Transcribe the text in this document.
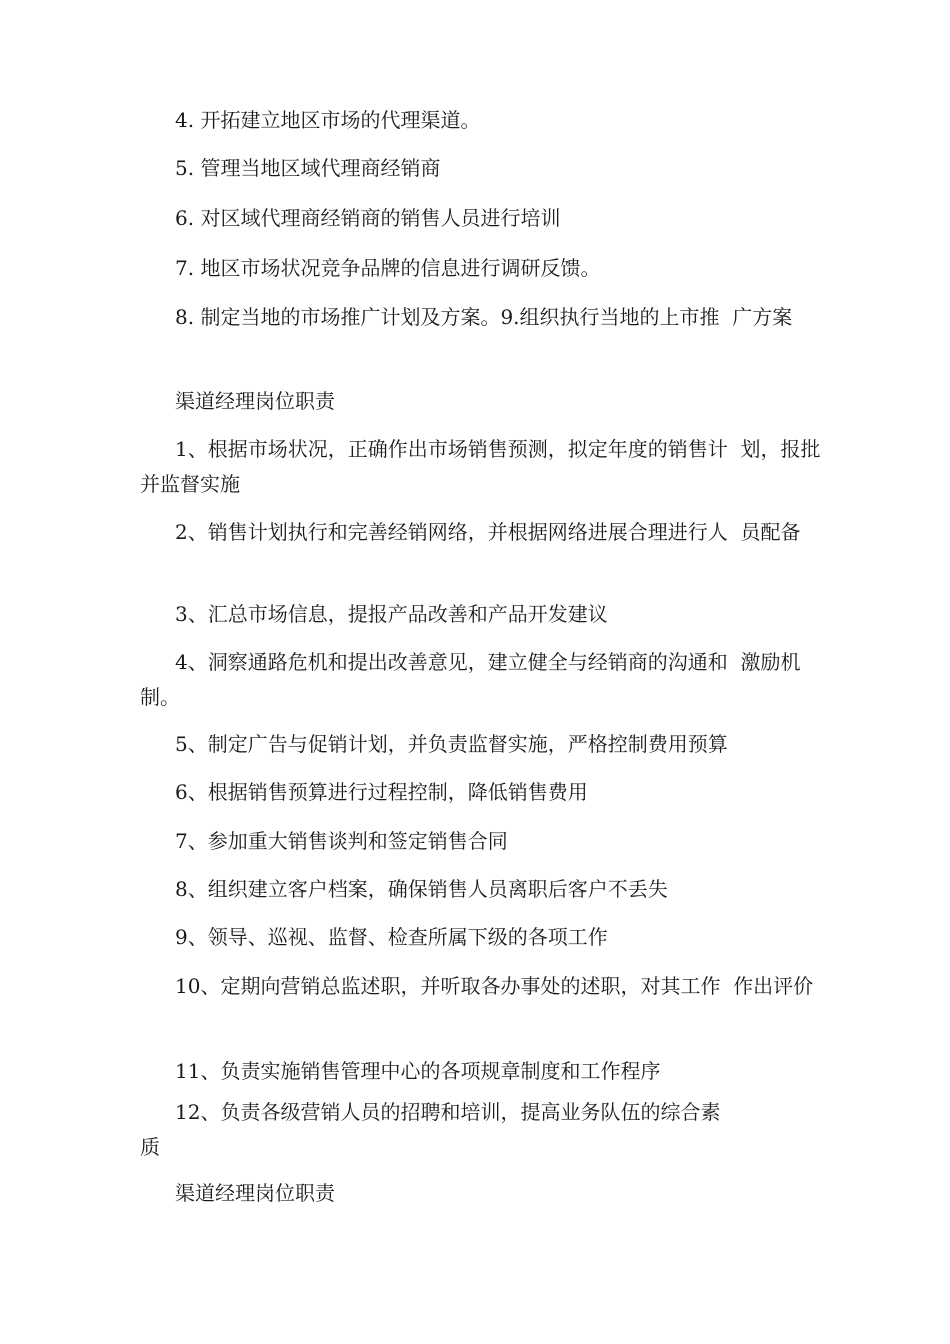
4. 开拓建立地区市场的代理渠道。

5. 管理当地区域代理商经销商

6. 对区域代理商经销商的销售人员进行培训

7. 地区市场状况竞争品牌的信息进行调研反馈。

8. 制定当地的市场推广计划及方案。9.组织执行当地的上市推  广方案

渠道经理岗位职责

1、根据市场状况，正确作出市场销售预测，拟定年度的销售计  划，报批并监督实施

2、销售计划执行和完善经销网络，并根据网络进展合理进行人  员配备

3、汇总市场信息，提报产品改善和产品开发建议

4、洞察通路危机和提出改善意见，建立健全与经销商的沟通和  激励机制。

5、制定广告与促销计划，并负责监督实施，严格控制费用预算

6、根据销售预算进行过程控制，降低销售费用

7、参加重大销售谈判和签定销售合同

8、组织建立客户档案，确保销售人员离职后客户不丢失

9、领导、巡视、监督、检查所属下级的各项工作

10、定期向营销总监述职，并听取各办事处的述职，对其工作  作出评价

11、负责实施销售管理中心的各项规章制度和工作程序

12、负责各级营销人员的招聘和培训，提高业务队伍的综合素
质

渠道经理岗位职责
